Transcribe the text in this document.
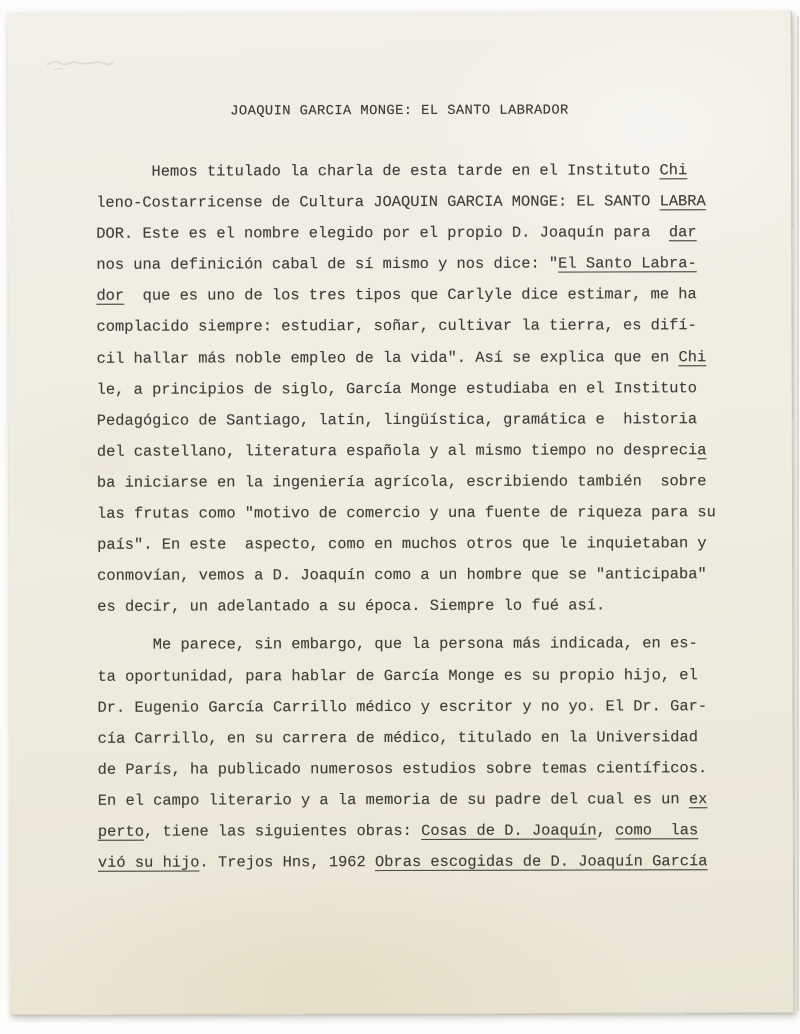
JOAQUIN GARCIA MONGE: EL SANTO LABRADOR
Hemos titulado la charla de esta tarde en el Instituto Chi
leno-Costarricense de Cultura JOAQUIN GARCIA MONGE: EL SANTO LABRA
DOR. Este es el nombre elegido por el propio D. Joaquín para  dar
nos una definición cabal de sí mismo y nos dice: "El Santo Labra-
dor  que es uno de los tres tipos que Carlyle dice estimar, me ha
complacido siempre: estudiar, soñar, cultivar la tierra, es difí-
cil hallar más noble empleo de la vida". Así se explica que en Chi
le, a principios de siglo, García Monge estudiaba en el Instituto
Pedagógico de Santiago, latín, lingüística, gramática e  historia
del castellano, literatura española y al mismo tiempo no desprecia
ba iniciarse en la ingeniería agrícola, escribiendo también  sobre
las frutas como "motivo de comercio y una fuente de riqueza para su
país". En este  aspecto, como en muchos otros que le inquietaban y
conmovían, vemos a D. Joaquín como a un hombre que se "anticipaba"
es decir, un adelantado a su época. Siempre lo fué así.
Me parece, sin embargo, que la persona más indicada, en es-
ta oportunidad, para hablar de García Monge es su propio hijo, el
Dr. Eugenio García Carrillo médico y escritor y no yo. El Dr. Gar-
cía Carrillo, en su carrera de médico, titulado en la Universidad
de París, ha publicado numerosos estudios sobre temas científicos.
En el campo literario y a la memoria de su padre del cual es un ex
perto, tiene las siguientes obras: Cosas de D. Joaquín, como  las
vió su hijo. Trejos Hns, 1962 Obras escogidas de D. Joaquín García
